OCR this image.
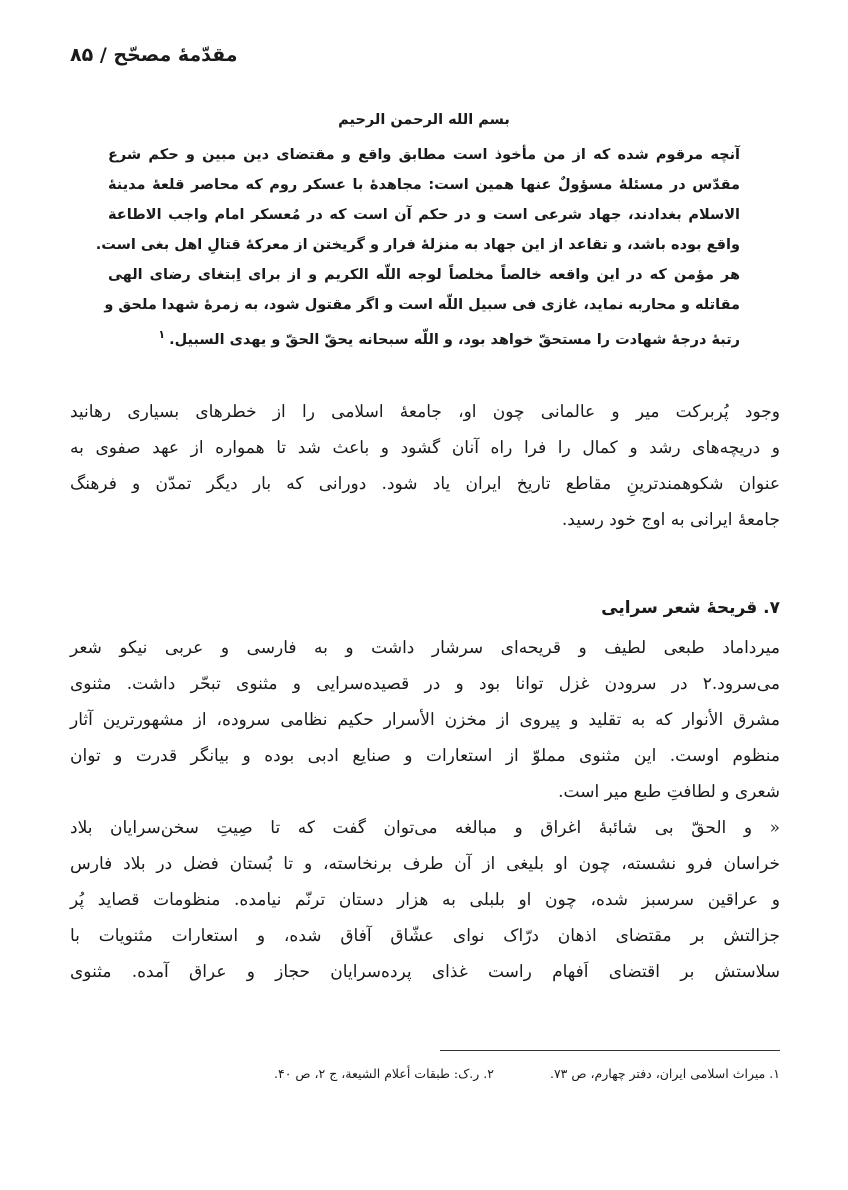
مقدّمهٔ مصحّح / ۸۵
بسم الله الرحمن الرحیم
آنچه مرقوم شده که از من مأخوذ است مطابق واقع و مقتضای دین مبین و حکم شرع
مقدّس در مسئلهٔ مسؤولٌ عنها همین است: مجاهدهٔ با عسکر روم که محاصر قلعهٔ مدینهٔ
الاسلام بغدادند، جهاد شرعی است و در حکم آن است که در مُعسکر امام واجب الاطاعة
واقع بوده باشد، و تقاعد از این جهاد به منزلهٔ فرار و گریختن از معرکهٔ قتالِ اهل بغی است.
هر مؤمن که در این واقعه خالصاً مخلصاً لوجه اللّه الکریم و از برای اِبتغای رضای الهی
مقاتله و محاربه نماید، غازی فی سبیل اللّه است و اگر مقتول شود، به زمرهٔ شهدا ملحق و
رتبهٔ درجهٔ شهادت را مستحقّ خواهد بود، و اللّه سبحانه یحقّ الحقّ و یهدی السبیل.$^۱$
وجود پُربرکت میر و عالمانی چون او، جامعهٔ اسلامی را از خطرهای بسیاری رهانید
و دریچه‌های رشد و کمال را فرا راه آنان گشود و باعث شد تا همواره از عهد صفوی به
عنوان شکوهمندترینِ مقاطع تاریخ ایران یاد شود. دورانی که بار دیگر تمدّن و فرهنگ
جامعهٔ ایرانی به اوج خود رسید.
۷. قریحهٔ شعر سرایی
میرداماد طبعی لطیف و قریحه‌ای سرشار داشت و به فارسی و عربی نیکو شعر
می‌سرود.۲ در سرودن غزل توانا بود و در قصیده‌سرایی و مثنوی تبحّر داشت. مثنوی
مشرق الأنوار که به تقلید و پیروی از مخزن الأسرار حکیم نظامی سروده، از مشهورترین آثار
منظوم اوست. این مثنوی مملوّ از استعارات و صنایع ادبی بوده و بیانگر قدرت و توان
شعری و لطافتِ طبع میر است.
« و الحقّ بی شائبهٔ اغراق و مبالغه می‌توان گفت که تا صِیتِ سخن‌سرایان بلاد
خراسان فرو نشسته، چون او بلیغی از آن طرف برنخاسته، و تا بُستان فضل در بلاد فارس
و عراقین سرسبز شده، چون او بلبلی به هزار دستان ترنّم نیامده. منظومات قصاید پُر
جزالتش بر مقتضای اذهان درّاک نوای عشّاق آفاق شده، و استعارات مثنویات با
سلاستش بر اقتضای اَفهام راست غذای پرده‌سرایان حجاز و عراق آمده. مثنوی
۱. میراث اسلامی ایران، دفتر چهارم، ص ۷۳.
۲. ر.ک: طبقات أعلام الشیعة، ج ۲، ص ۴۰.
